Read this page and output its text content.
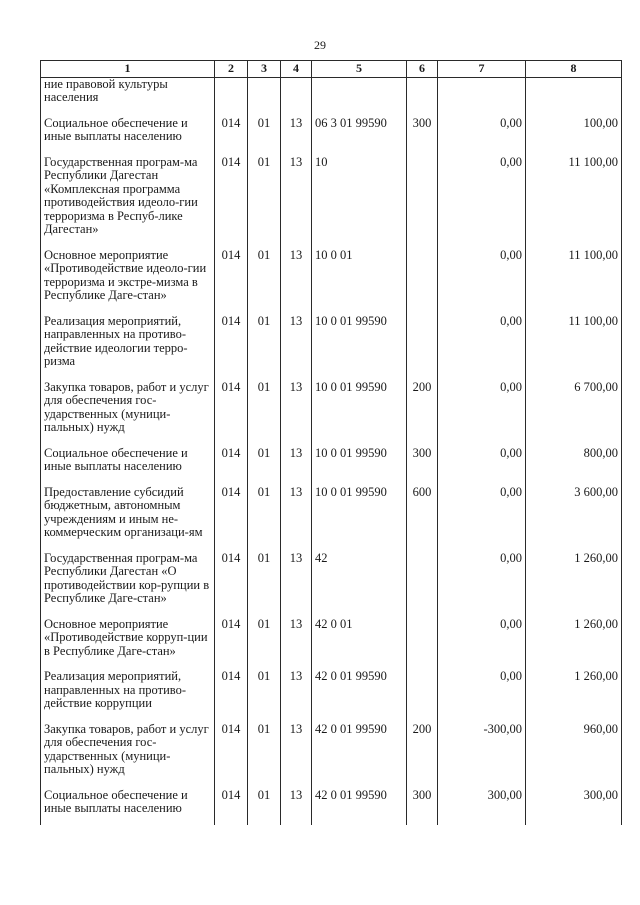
29
1	2	3	4	5	6	7	8
ние правовой культуры населения							
Социальное обеспечение и иные выплаты населению	014	01	13	06 3 01 99590	300	0,00	100,00
Государственная програм-ма Республики Дагестан «Комплексная программа противодействия идеоло-гии терроризма в Респуб-лике Дагестан»	014	01	13	10		0,00	11 100,00
Основное мероприятие «Противодействие идеоло-гии терроризма и экстре-мизма в Республике Даге-стан»	014	01	13	10 0 01		0,00	11 100,00
Реализация мероприятий, направленных на противо-действие идеологии терро-ризма	014	01	13	10 0 01 99590		0,00	11 100,00
Закупка товаров, работ и услуг для обеспечения гос-ударственных (муници-пальных) нужд	014	01	13	10 0 01 99590	200	0,00	6 700,00
Социальное обеспечение и иные выплаты населению	014	01	13	10 0 01 99590	300	0,00	800,00
Предоставление субсидий бюджетным, автономным учреждениям и иным не-коммерческим организаци-ям	014	01	13	10 0 01 99590	600	0,00	3 600,00
Государственная програм-ма Республики Дагестан «О противодействии кор-рупции в Республике Даге-стан»	014	01	13	42		0,00	1 260,00
Основное мероприятие «Противодействие корруп-ции в Республике Даге-стан»	014	01	13	42 0 01		0,00	1 260,00
Реализация мероприятий, направленных на противо-действие коррупции	014	01	13	42 0 01 99590		0,00	1 260,00
Закупка товаров, работ и услуг для обеспечения гос-ударственных (муници-пальных) нужд	014	01	13	42 0 01 99590	200	-300,00	960,00
Социальное обеспечение и иные выплаты населению	014	01	13	42 0 01 99590	300	300,00	300,00
